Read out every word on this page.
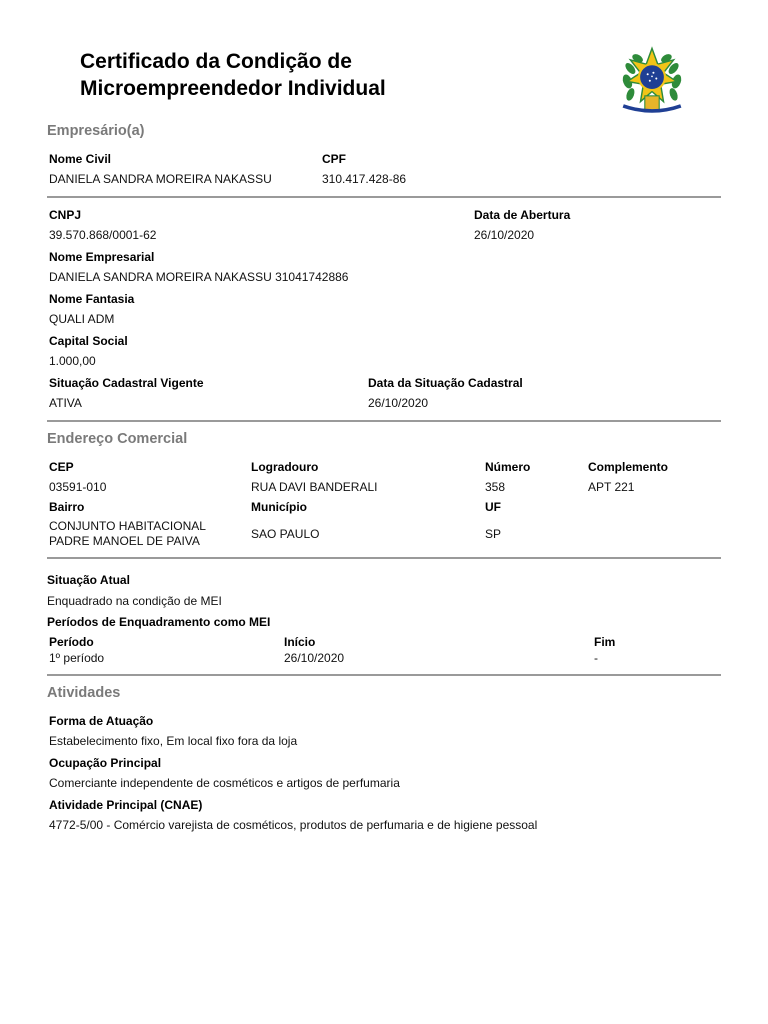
Certificado da Condição de
Microempreendedor Individual
Empresário(a)
Nome Civil
DANIELA SANDRA MOREIRA NAKASSU
CPF
310.417.428-86
CNPJ
39.570.868/0001-62
Data de Abertura
26/10/2020
Nome Empresarial
DANIELA SANDRA MOREIRA NAKASSU 31041742886
Nome Fantasia
QUALI ADM
Capital Social
1.000,00
Situação Cadastral Vigente
ATIVA
Data da Situação Cadastral
26/10/2020
Endereço Comercial
CEP
03591-010
Logradouro
RUA DAVI BANDERALI
Número
358
Complemento
APT 221
Bairro
CONJUNTO HABITACIONAL
PADRE MANOEL DE PAIVA
Município
SAO PAULO
UF
SP
Situação Atual
Enquadrado na condição de MEI
Períodos de Enquadramento como MEI
Período
1º período
Início
26/10/2020
Fim
-
Atividades
Forma de Atuação
Estabelecimento fixo, Em local fixo fora da loja
Ocupação Principal
Comerciante independente de cosméticos e artigos de perfumaria
Atividade Principal (CNAE)
4772-5/00 - Comércio varejista de cosméticos, produtos de perfumaria e de higiene pessoal
